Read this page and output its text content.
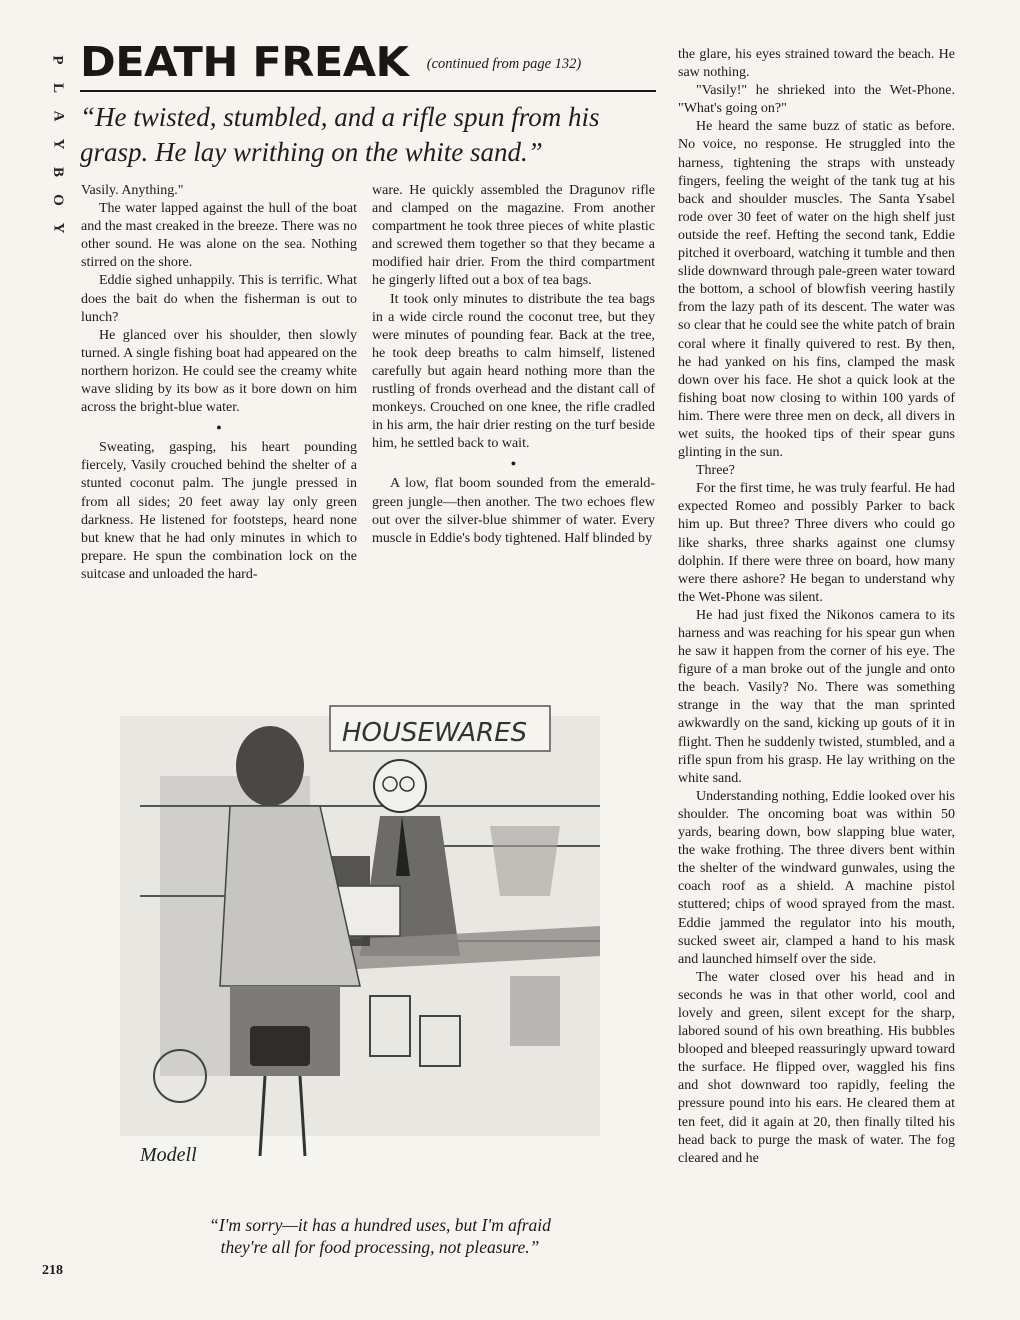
P
L
A
Y
B
O
Y
DEATH FREAK (continued from page 132)
“He twisted, stumbled, and a rifle spun from his grasp. He lay writhing on the white sand.”

Vasily. Anything."

The water lapped against the hull of the boat and the mast creaked in the breeze. There was no other sound. He was alone on the sea. Nothing stirred on the shore.

Eddie sighed unhappily. This is terrific. What does the bait do when the fisherman is out to lunch?

He glanced over his shoulder, then slowly turned. A single fishing boat had appeared on the northern horizon. He could see the creamy white wave sliding by its bow as it bore down on him across the bright-blue water.

●

Sweating, gasping, his heart pounding fiercely, Vasily crouched behind the shelter of a stunted coconut palm. The jungle pressed in from all sides; 20 feet away lay only green darkness. He listened for footsteps, heard none but knew that he had only minutes in which to prepare. He spun the combination lock on the suitcase and unloaded the hard-

ware. He quickly assembled the Dragunov rifle and clamped on the magazine. From another compartment he took three pieces of white plastic and screwed them together so that they became a modified hair drier. From the third compartment he gingerly lifted out a box of tea bags.

It took only minutes to distribute the tea bags in a wide circle round the coconut tree, but they were minutes of pounding fear. Back at the tree, he took deep breaths to calm himself, listened carefully but again heard nothing more than the rustling of fronds overhead and the distant call of monkeys. Crouched on one knee, the rifle cradled in his arm, the hair drier resting on the turf beside him, he settled back to wait.

●

A low, flat boom sounded from the emerald-green jungle—then another. The two echoes flew out over the silver-blue shimmer of water. Every muscle in Eddie's body tightened. Half blinded by

the glare, his eyes strained toward the beach. He saw nothing.

"Vasily!" he shrieked into the Wet-Phone. "What's going on?"

He heard the same buzz of static as before. No voice, no response. He struggled into the harness, tightening the straps with unsteady fingers, feeling the weight of the tank tug at his back and shoulder muscles. The Santa Ysabel rode over 30 feet of water on the high shelf just outside the reef. Hefting the second tank, Eddie pitched it overboard, watching it tumble and then slide downward through pale-green water toward the bottom, a school of blowfish veering hastily from the lazy path of its descent. The water was so clear that he could see the white patch of brain coral where it finally quivered to rest. By then, he had yanked on his fins, clamped the mask down over his face. He shot a quick look at the fishing boat now closing to within 100 yards of him. There were three men on deck, all divers in wet suits, the hooked tips of their spear guns glinting in the sun.

Three?

For the first time, he was truly fearful. He had expected Romeo and possibly Parker to back him up. But three? Three divers who could go like sharks, three sharks against one clumsy dolphin. If there were three on board, how many were there ashore? He began to understand why the Wet-Phone was silent.

He had just fixed the Nikonos camera to its harness and was reaching for his spear gun when he saw it happen from the corner of his eye. The figure of a man broke out of the jungle and onto the beach. Vasily? No. There was something strange in the way that the man sprinted awkwardly on the sand, kicking up gouts of it in flight. Then he suddenly twisted, stumbled, and a rifle spun from his grasp. He lay writhing on the white sand.

Understanding nothing, Eddie looked over his shoulder. The oncoming boat was within 50 yards, bearing down, bow slapping blue water, the wake frothing. The three divers bent within the shelter of the windward gunwales, using the coach roof as a shield. A machine pistol stuttered; chips of wood sprayed from the mast. Eddie jammed the regulator into his mouth, sucked sweet air, clamped a hand to his mask and launched himself over the side.

The water closed over his head and in seconds he was in that other world, cool and lovely and green, silent except for the sharp, labored sound of his own breathing. His bubbles blooped and bleeped reassuringly upward toward the surface. He flipped over, waggled his fins and shot downward too rapidly, feeling the pressure pound into his ears. He cleared them at ten feet, did it again at 20, then finally tilted his head back to purge the mask of water. The fog cleared and he

HOUSEWARES
Modell
“I'm sorry—it has a hundred uses, but I'm afraid they're all for food processing, not pleasure.”
218
